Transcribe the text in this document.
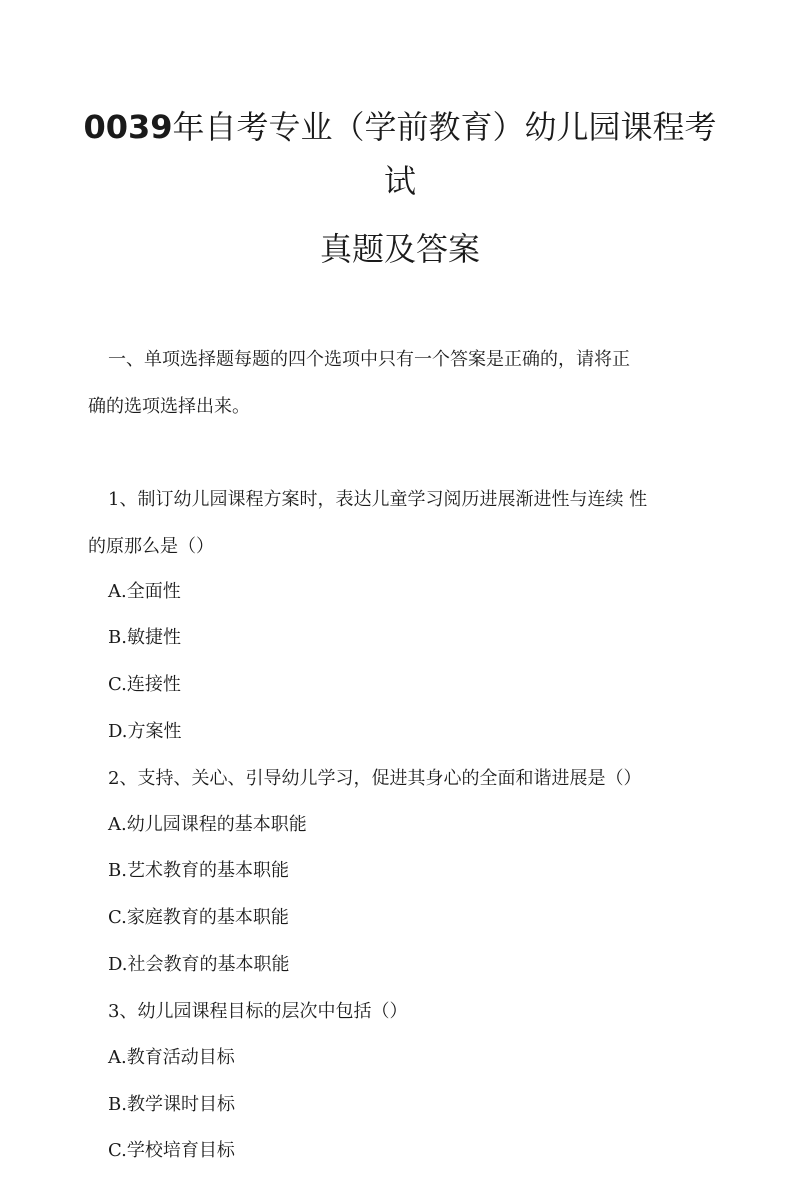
0039年自考专业（学前教育）幼儿园课程考
试
真题及答案
一、单项选择题每题的四个选项中只有一个答案是正确的，请将正
确的选项选择出来。
1、制订幼儿园课程方案时，表达儿童学习阅历进展渐进性与连续 性
的原那么是（）
A.全面性
B.敏捷性
C.连接性
D.方案性
2、支持、关心、引导幼儿学习，促进其身心的全面和谐进展是（）
A.幼儿园课程的基本职能
B.艺术教育的基本职能
C.家庭教育的基本职能
D.社会教育的基本职能
3、幼儿园课程目标的层次中包括（）
A.教育活动目标
B.教学课时目标
C.学校培育目标
